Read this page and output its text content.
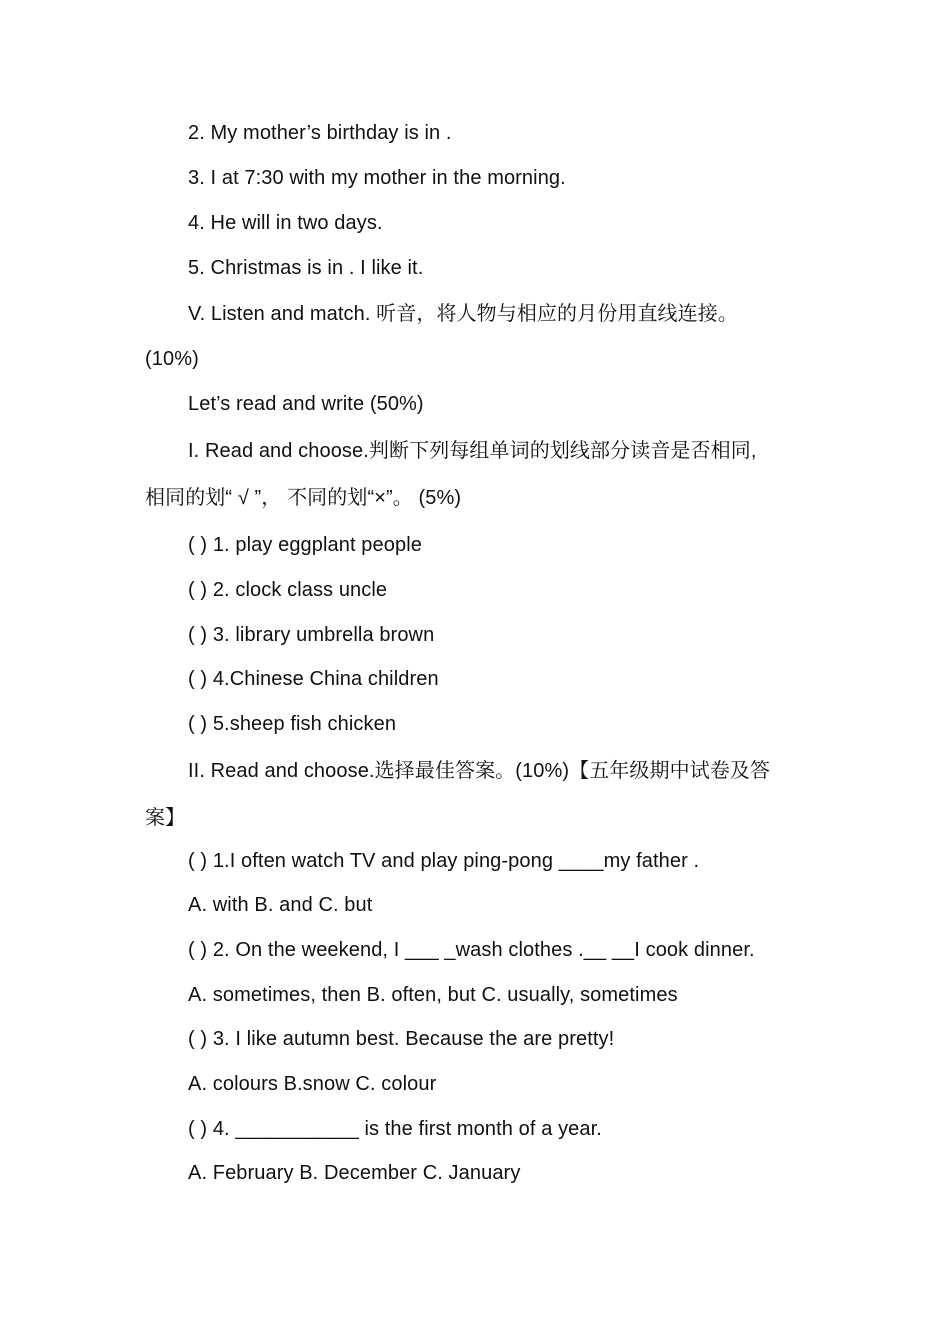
2. My mother’s birthday is in .
3. I at 7:30 with my mother in the morning.
4. He will in two days.
5. Christmas is in . I like it.
V. Listen and match. 听音，将人物与相应的月份用直线连接。
(10%)
Let’s read and write (50%)
I. Read and choose.判断下列每组单词的划线部分读音是否相同,
相同的划“ √ ”， 不同的划“×”。 (5%)
( ) 1. play eggplant people
( ) 2. clock class uncle
( ) 3. library umbrella brown
( ) 4.Chinese China children
( ) 5.sheep fish chicken
II. Read and choose.选择最佳答案。(10%)【五年级期中试卷及答
案】
( ) 1.I often watch TV and play ping-pong ____my father .
A. with B. and C. but
( ) 2. On the weekend, I ___ _wash clothes .__ __I cook dinner.
A. sometimes, then B. often, but C. usually, sometimes
( ) 3. I like autumn best. Because the are pretty!
A. colours B.snow C. colour
( ) 4. ___________ is the first month of a year.
A. February B. December C. January
